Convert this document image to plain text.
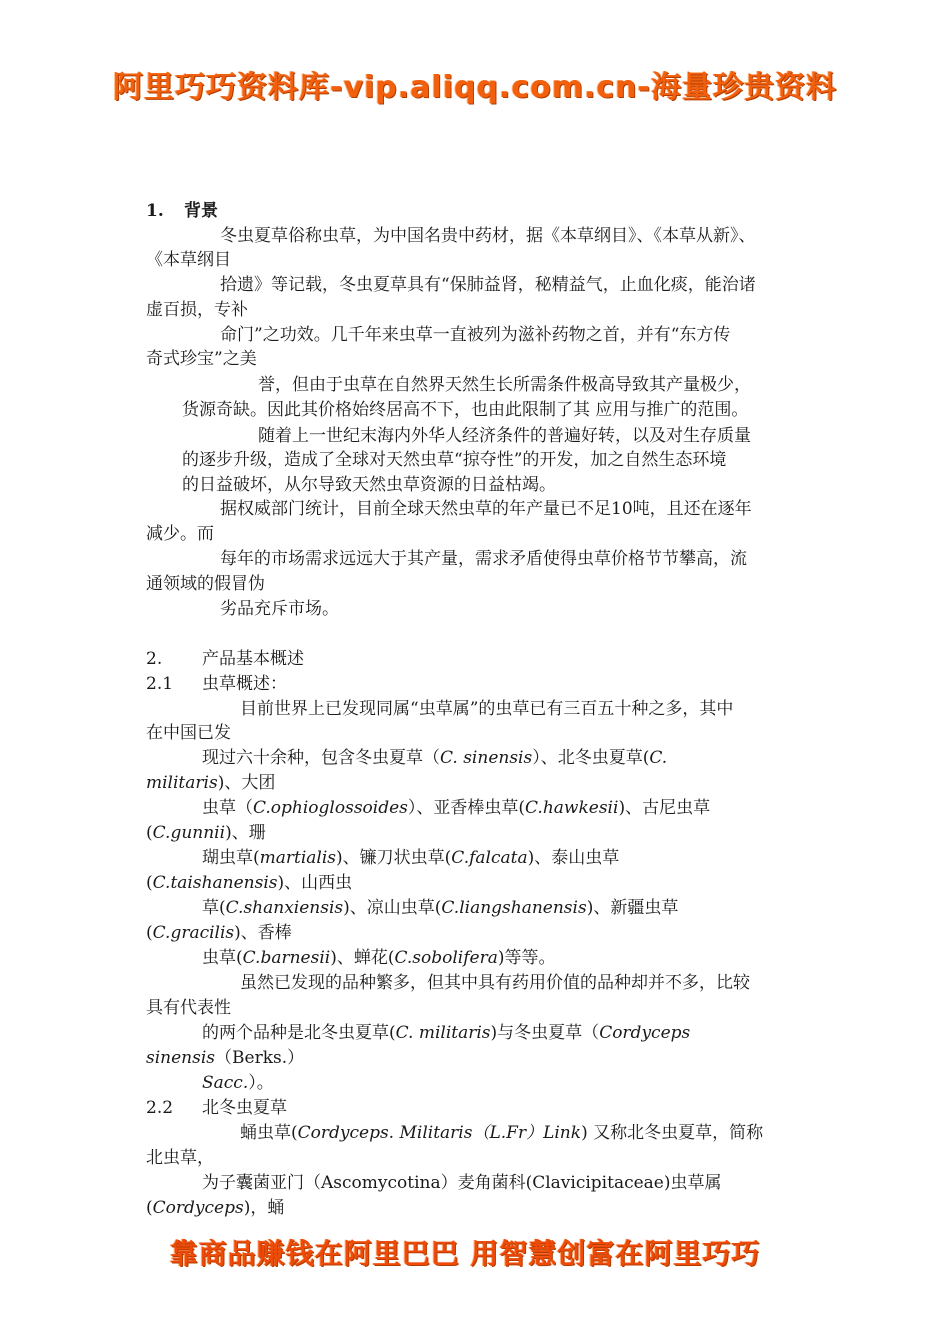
阿里巧巧资料库-vip.aliqq.com.cn-海量珍贵资料
1. 背景
冬虫夏草俗称虫草，为中国名贵中药材，据《本草纲目》、《本草从新》、
《本草纲目
拾遗》等记载，冬虫夏草具有“保肺益肾，秘精益气，止血化痰，能治诸
虚百损，专补
命门”之功效。几千年来虫草一直被列为滋补药物之首，并有“东方传
奇式珍宝”之美
誉，但由于虫草在自然界天然生长所需条件极高导致其产量极少，
货源奇缺。因此其价格始终居高不下，也由此限制了其 应用与推广的范围。
随着上一世纪末海内外华人经济条件的普遍好转，以及对生存质量
的逐步升级，造成了全球对天然虫草“掠夺性”的开发，加之自然生态环境
的日益破坏，从尔导致天然虫草资源的日益枯竭。
据权威部门统计，目前全球天然虫草的年产量已不足10吨，且还在逐年
减少。而
每年的市场需求远远大于其产量，需求矛盾使得虫草价格节节攀高，流
通领域的假冒伪
劣品充斥市场。
2. 产品基本概述
2.1 虫草概述：
目前世界上已发现同属“虫草属”的虫草已有三百五十种之多，其中
在中国已发
现过六十余种，包含冬虫夏草（C. sinensis）、北冬虫夏草(C.
militaris)、大团
虫草（C.ophioglossoides）、亚香棒虫草(C.hawkesii)、古尼虫草
(C.gunnii)、珊
瑚虫草(martialis)、镰刀状虫草(C.falcata)、泰山虫草
(C.taishanensis)、山西虫
草(C.shanxiensis)、凉山虫草(C.liangshanensis)、新疆虫草
(C.gracilis)、香棒
虫草(C.barnesii)、蝉花(C.sobolifera)等等。
虽然已发现的品种繁多，但其中具有药用价值的品种却并不多，比较
具有代表性
的两个品种是北冬虫夏草(C. militaris)与冬虫夏草（Cordyceps
sinensis（Berks.）
Sacc.）。
2.2 北冬虫夏草
蛹虫草(Cordyceps. Militaris（L.Fr）Link) 又称北冬虫夏草，简称
北虫草，
为子囊菌亚门（Ascomycotina）麦角菌科(Clavicipitaceae)虫草属
(Cordyceps)，蛹
靠商品赚钱在阿里巴巴 用智慧创富在阿里巧巧
